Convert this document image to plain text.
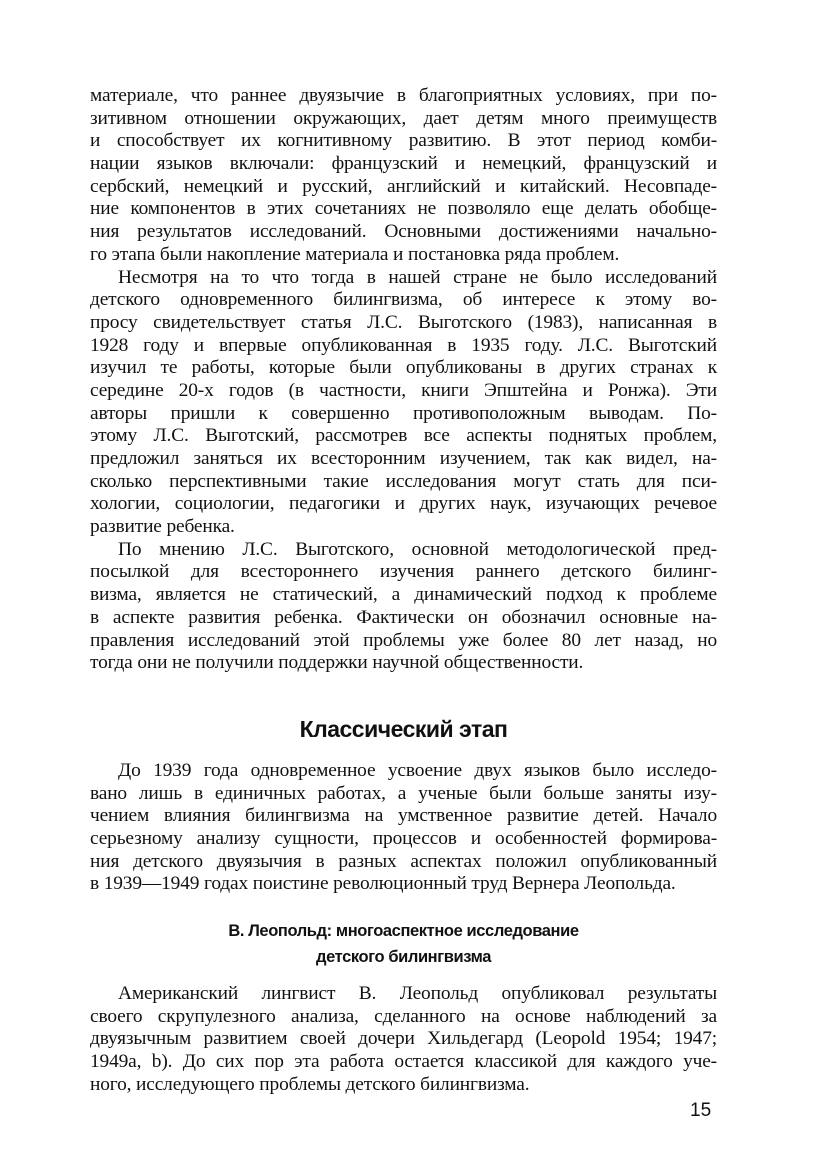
материале, что раннее двуязычие в благоприятных условиях, при по-
зитивном отношении окружающих, дает детям много преимуществ
и способствует их когнитивному развитию. В этот период комби-
нации языков включали: французский и немецкий, французский и
сербский, немецкий и русский, английский и китайский. Несовпаде-
ние компонентов в этих сочетаниях не позволяло еще делать обобще-
ния результатов исследований. Основными достижениями начально-
го этапа были накопление материала и постановка ряда проблем.
Несмотря на то что тогда в нашей стране не было исследований
детского одновременного билингвизма, об интересе к этому во-
просу свидетельствует статья Л.С. Выготского (1983), написанная в
1928 году и впервые опубликованная в 1935 году. Л.С. Выготский
изучил те работы, которые были опубликованы в других странах к
середине 20-х годов (в частности, книги Эпштейна и Ронжа). Эти
авторы пришли к совершенно противоположным выводам. По-
этому Л.С. Выготский, рассмотрев все аспекты поднятых проблем,
предложил заняться их всесторонним изучением, так как видел, на-
сколько перспективными такие исследования могут стать для пси-
хологии, социологии, педагогики и других наук, изучающих речевое
развитие ребенка.
По мнению Л.С. Выготского, основной методологической пред-
посылкой для всестороннего изучения раннего детского билинг-
визма, является не статический, а динамический подход к проблеме
в аспекте развития ребенка. Фактически он обозначил основные на-
правления исследований этой проблемы уже более 80 лет назад, но
тогда они не получили поддержки научной общественности.
Классический этап
До 1939 года одновременное усвоение двух языков было исследо-
вано лишь в единичных работах, а ученые были больше заняты изу-
чением влияния билингвизма на умственное развитие детей. Начало
серьезному анализу сущности, процессов и особенностей формирова-
ния детского двуязычия в разных аспектах положил опубликованный
в 1939—1949 годах поистине революционный труд Вернера Леопольда.
В. Леопольд: многоаспектное исследование
детского билингвизма
Американский лингвист В. Леопольд опубликовал результаты
своего скрупулезного анализа, сделанного на основе наблюдений за
двуязычным развитием своей дочери Хильдегард (Leopold 1954; 1947;
1949a, b). До сих пор эта работа остается классикой для каждого уче-
ного, исследующего проблемы детского билингвизма.
15
